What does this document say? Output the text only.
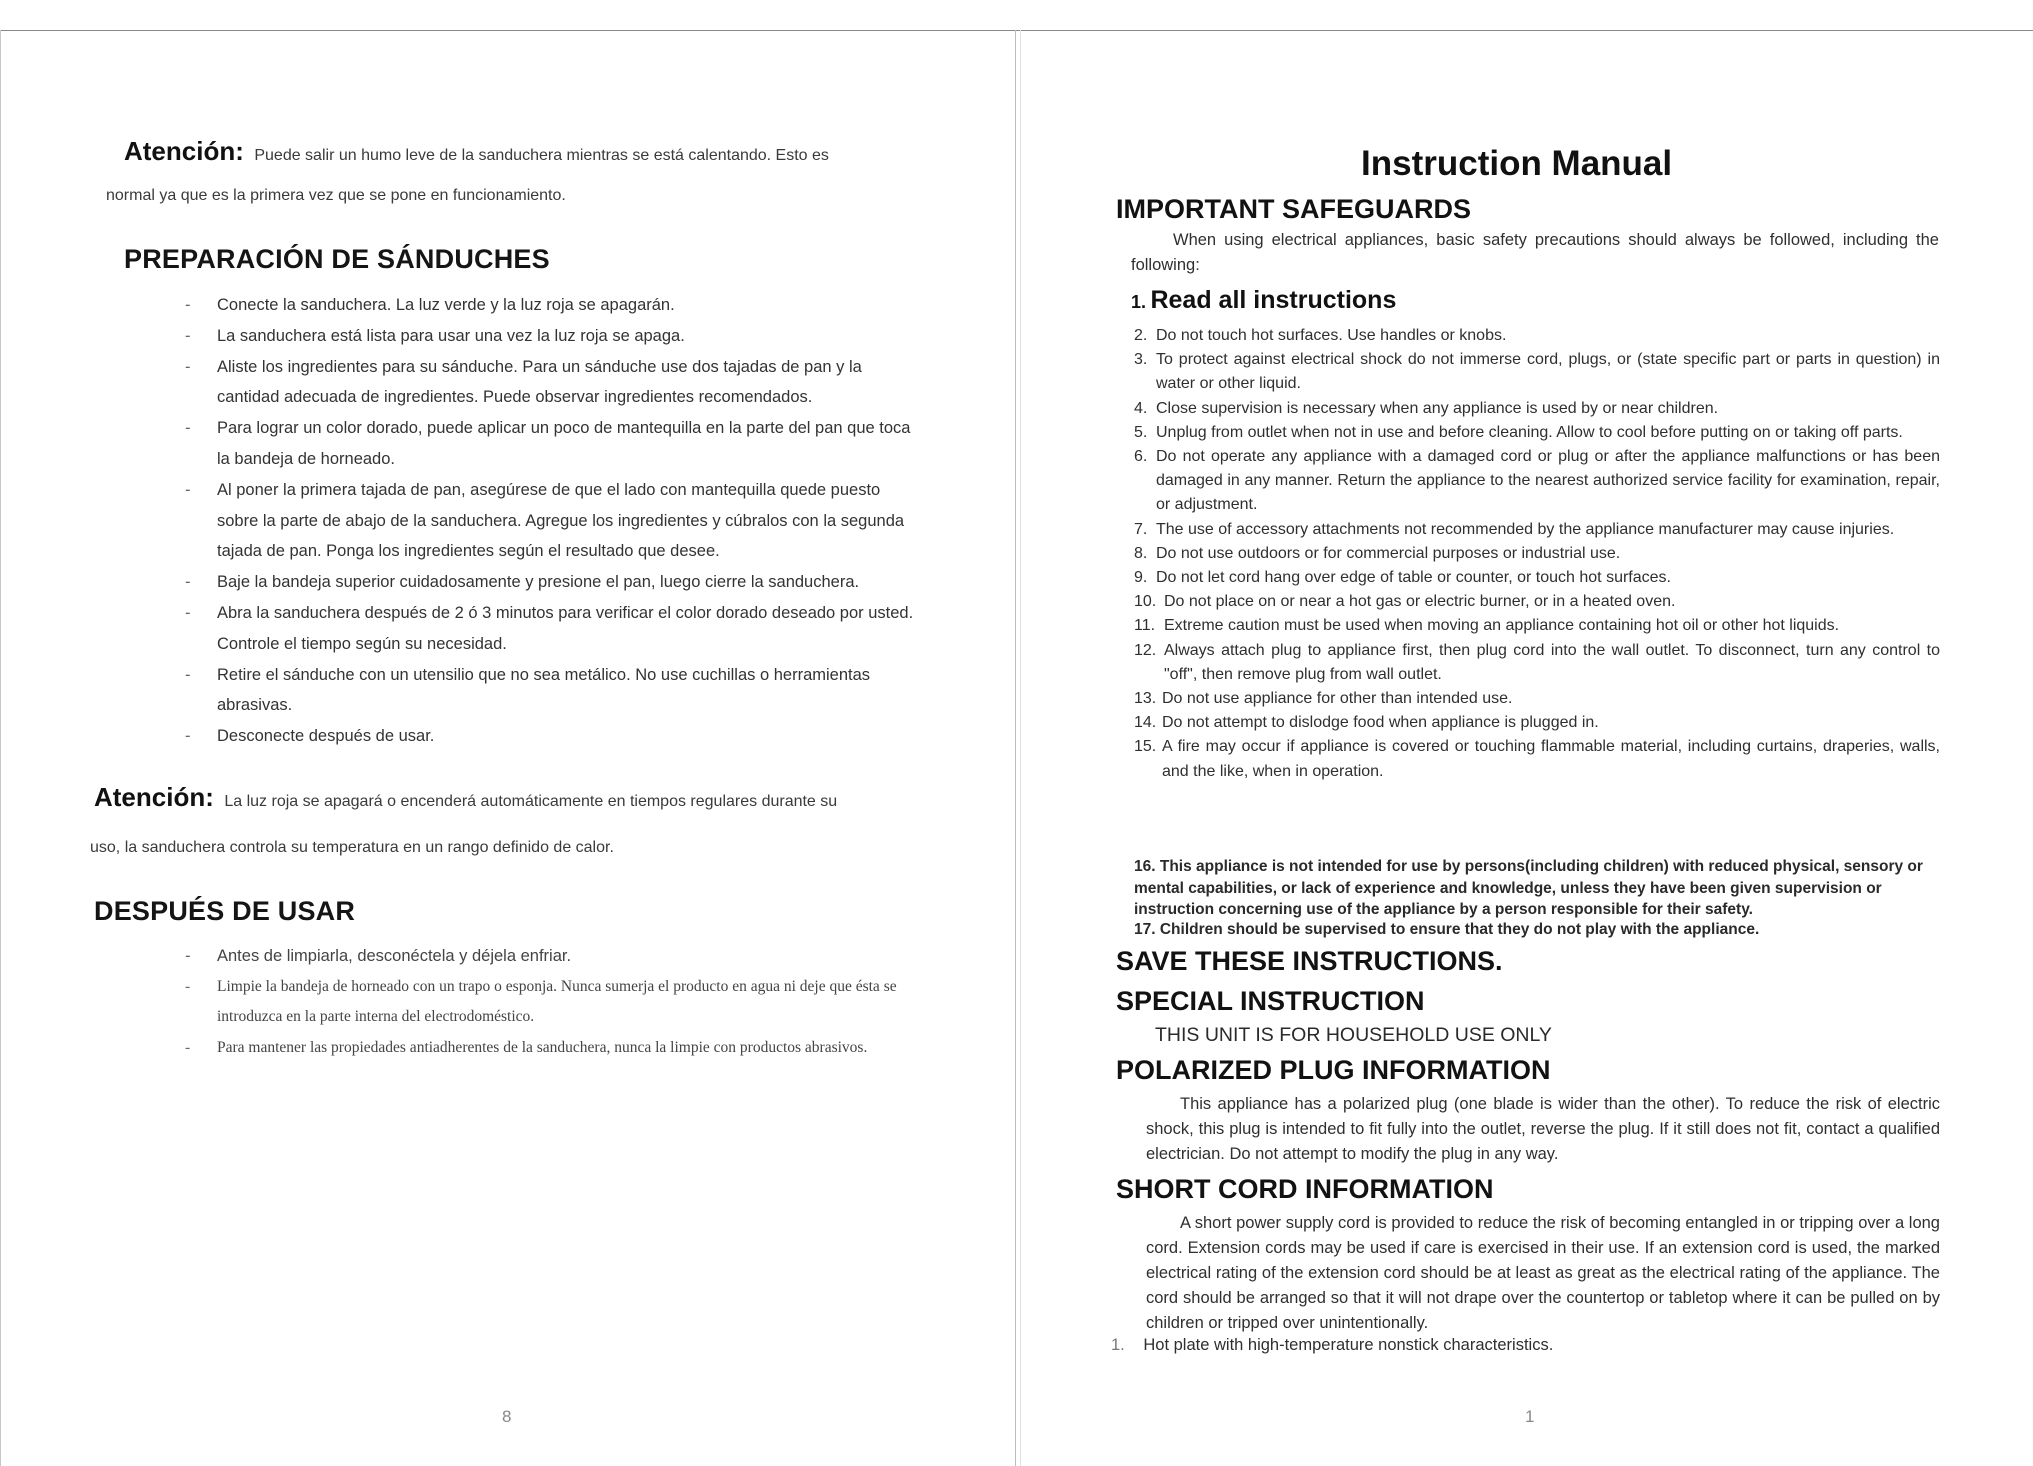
Atención: Puede salir un humo leve de la sanduchera mientras se está calentando. Esto es
normal ya que es la primera vez que se pone en funcionamiento.
PREPARACIÓN DE SÁNDUCHES
- Conecte la sanduchera. La luz verde y la luz roja se apagarán.
- La sanduchera está lista para usar una vez la luz roja se apaga.
- Aliste los ingredientes para su sánduche. Para un sánduche use dos tajadas de pan y la cantidad adecuada de ingredientes. Puede observar ingredientes recomendados.
- Para lograr un color dorado, puede aplicar un poco de mantequilla en la parte del pan que toca la bandeja de horneado.
- Al poner la primera tajada de pan, asegúrese de que el lado con mantequilla quede puesto sobre la parte de abajo de la sanduchera. Agregue los ingredientes y cúbralos con la segunda tajada de pan. Ponga los ingredientes según el resultado que desee.
- Baje la bandeja superior cuidadosamente y presione el pan, luego cierre la sanduchera.
- Abra la sanduchera después de 2 ó 3 minutos para verificar el color dorado deseado por usted. Controle el tiempo según su necesidad.
- Retire el sánduche con un utensilio que no sea metálico. No use cuchillas o herramientas abrasivas.
- Desconecte después de usar.
Atención: La luz roja se apagará o encenderá automáticamente en tiempos regulares durante su
uso, la sanduchera controla su temperatura en un rango definido de calor.
DESPUÉS DE USAR
- Antes de limpiarla, desconéctela y déjela enfriar.
- Limpie la bandeja de horneado con un trapo o esponja. Nunca sumerja el producto en agua ni deje que ésta se introduzca en la parte interna del electrodoméstico.
- Para mantener las propiedades antiadherentes de la sanduchera, nunca la limpie con productos abrasivos.
8
Instruction Manual
IMPORTANT SAFEGUARDS
When using electrical appliances, basic safety precautions should always be followed, including the following:
1. Read all instructions
2. Do not touch hot surfaces. Use handles or knobs.
3. To protect against electrical shock do not immerse cord, plugs, or (state specific part or parts in question) in water or other liquid.
4. Close supervision is necessary when any appliance is used by or near children.
5. Unplug from outlet when not in use and before cleaning. Allow to cool before putting on or taking off parts.
6. Do not operate any appliance with a damaged cord or plug or after the appliance malfunctions or has been damaged in any manner. Return the appliance to the nearest authorized service facility for examination, repair, or adjustment.
7. The use of accessory attachments not recommended by the appliance manufacturer may cause injuries.
8. Do not use outdoors or for commercial purposes or industrial use.
9. Do not let cord hang over edge of table or counter, or touch hot surfaces.
10. Do not place on or near a hot gas or electric burner, or in a heated oven.
11. Extreme caution must be used when moving an appliance containing hot oil or other hot liquids.
12. Always attach plug to appliance first, then plug cord into the wall outlet. To disconnect, turn any control to "off", then remove plug from wall outlet.
13. Do not use appliance for other than intended use.
14. Do not attempt to dislodge food when appliance is plugged in.
15. A fire may occur if appliance is covered or touching flammable material, including curtains, draperies, walls, and the like, when in operation.
16. This appliance is not intended for use by persons(including children) with reduced physical, sensory or mental capabilities, or lack of experience and knowledge, unless they have been given supervision or instruction concerning use of the appliance by a person responsible for their safety.
17. Children should be supervised to ensure that they do not play with the appliance.
SAVE THESE INSTRUCTIONS.
SPECIAL INSTRUCTION
THIS UNIT IS FOR HOUSEHOLD USE ONLY
POLARIZED PLUG INFORMATION
This appliance has a polarized plug (one blade is wider than the other). To reduce the risk of electric shock, this plug is intended to fit fully into the outlet, reverse the plug. If it still does not fit, contact a qualified electrician. Do not attempt to modify the plug in any way.
SHORT CORD INFORMATION
A short power supply cord is provided to reduce the risk of becoming entangled in or tripping over a long cord. Extension cords may be used if care is exercised in their use. If an extension cord is used, the marked electrical rating of the extension cord should be at least as great as the electrical rating of the appliance. The cord should be arranged so that it will not drape over the countertop or tabletop where it can be pulled on by children or tripped over unintentionally.
1. Hot plate with high-temperature nonstick characteristics.
1
